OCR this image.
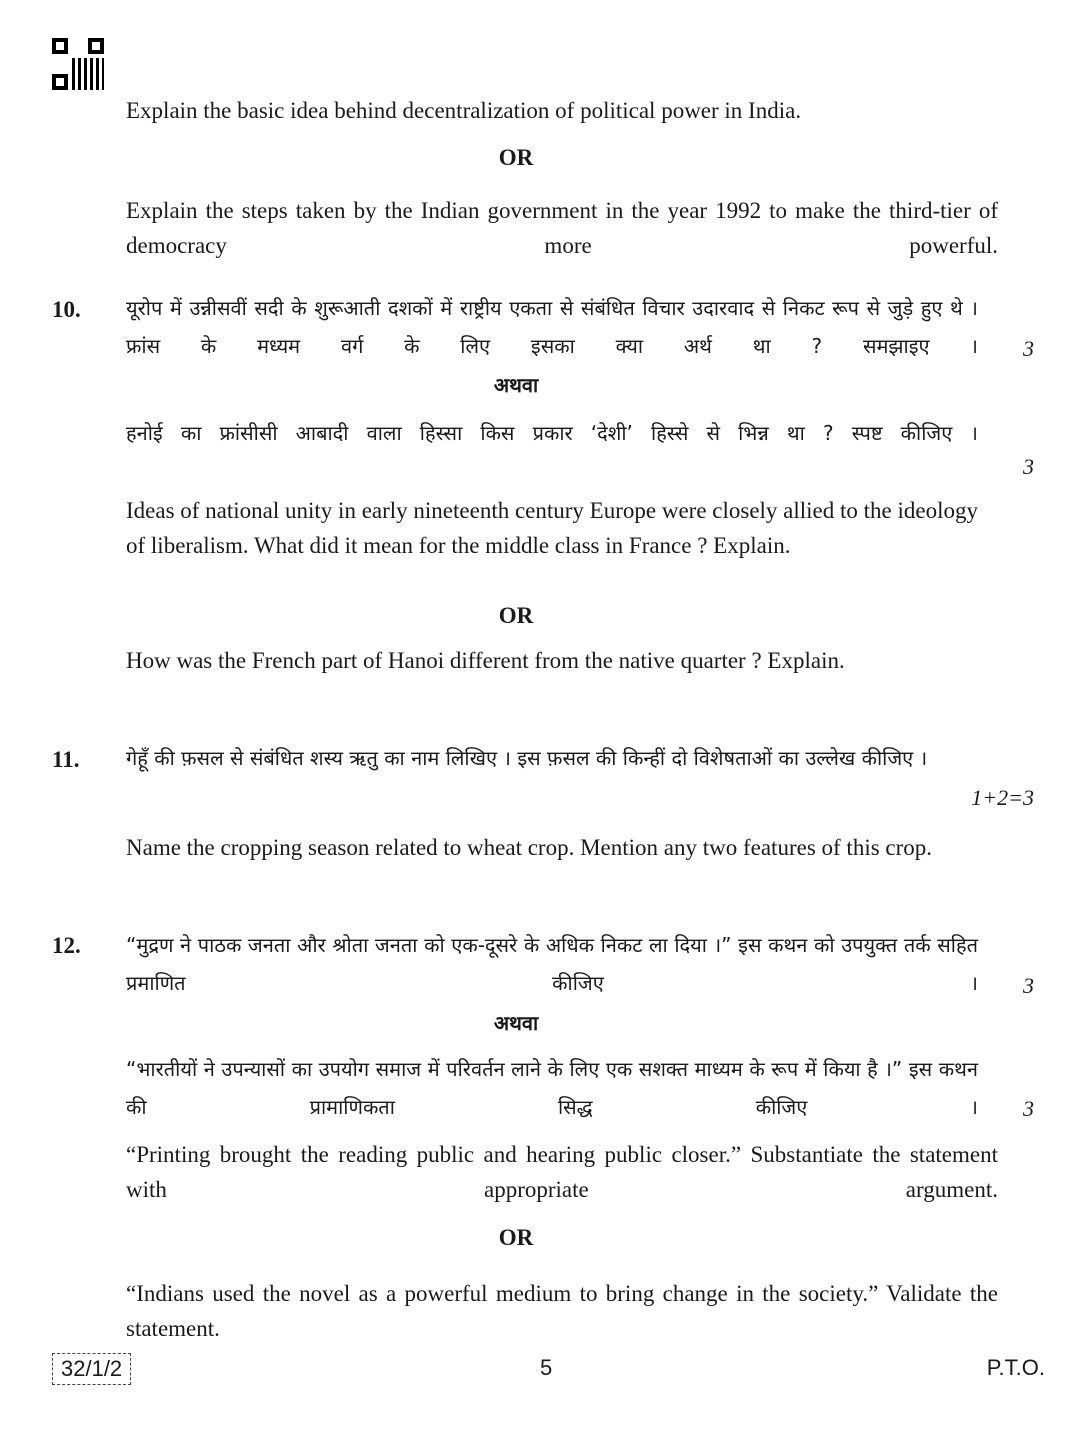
Explain the basic idea behind decentralization of political power in India.

OR

Explain the steps taken by the Indian government in the year 1992 to make the third-tier of democracy more powerful.

10. यूरोप में उन्नीसवीं सदी के शुरूआती दशकों में राष्ट्रीय एकता से संबंधित विचार उदारवाद से निकट रूप से जुड़े हुए थे । फ्रांस के मध्यम वर्ग के लिए इसका क्या अर्थ था ? समझाइए । 3
अथवा

हनोई का फ्रांसीसी आबादी वाला हिस्सा किस प्रकार ‘देशी’ हिस्से से भिन्न था ? स्पष्ट कीजिए ।

3

Ideas of national unity in early nineteenth century Europe were closely allied to the ideology of liberalism. What did it mean for the middle class in France ? Explain.

OR

How was the French part of Hanoi different from the native quarter ? Explain.

11. गेहूँ की फ़सल से संबंधित शस्य ऋतु का नाम लिखिए । इस फ़सल की किन्हीं दो विशेषताओं का उल्लेख कीजिए ।

1+2=3

Name the cropping season related to wheat crop. Mention any two features of this crop.

12. “मुद्रण ने पाठक जनता और श्रोता जनता को एक-दूसरे के अधिक निकट ला दिया ।” इस कथन को उपयुक्त तर्क सहित प्रमाणित कीजिए । 3
अथवा

“भारतीयों ने उपन्यासों का उपयोग समाज में परिवर्तन लाने के लिए एक सशक्त माध्यम के रूप में किया है ।” इस कथन की प्रामाणिकता सिद्ध कीजिए । 3

“Printing brought the reading public and hearing public closer.” Substantiate the statement with appropriate argument.

OR

“Indians used the novel as a powerful medium to bring change in the society.” Validate the statement.

32/1/2	5	P.T.O.
